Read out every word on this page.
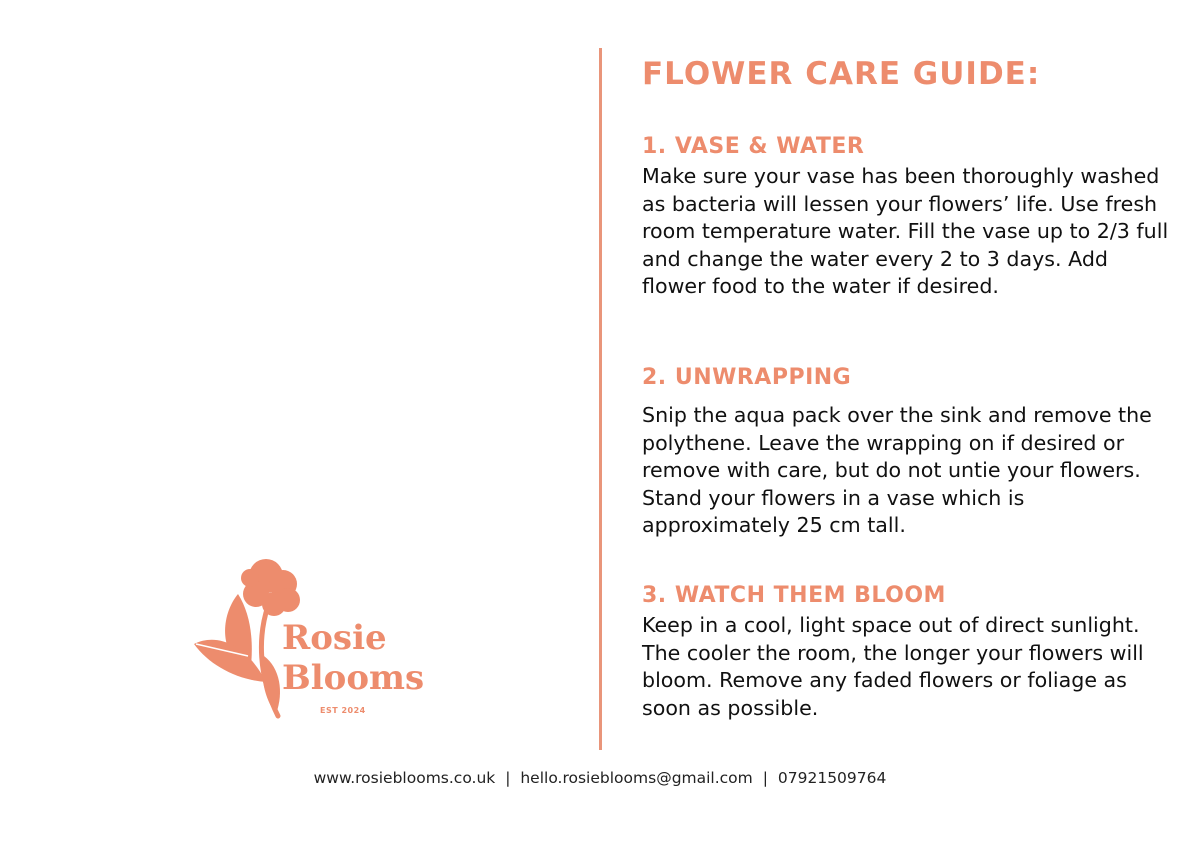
Rosie
Blooms
EST 2024
FLOWER CARE GUIDE:
1. VASE & WATER

Make sure your vase has been thoroughly washed as bacteria will lessen your flowers’ life. Use fresh room temperature water. Fill the vase up to 2/3 full and change the water every 2 to 3 days. Add flower food to the water if desired.

2. UNWRAPPING

Snip the aqua pack over the sink and remove the polythene. Leave the wrapping on if desired or remove with care, but do not untie your flowers. Stand your flowers in a vase which is approximately 25 cm tall.

3. WATCH THEM BLOOM

Keep in a cool, light space out of direct sunlight. The cooler the room, the longer your flowers will bloom. Remove any faded flowers or foliage as soon as possible.

www.rosieblooms.co.uk | hello.rosieblooms@gmail.com | 07921509764
